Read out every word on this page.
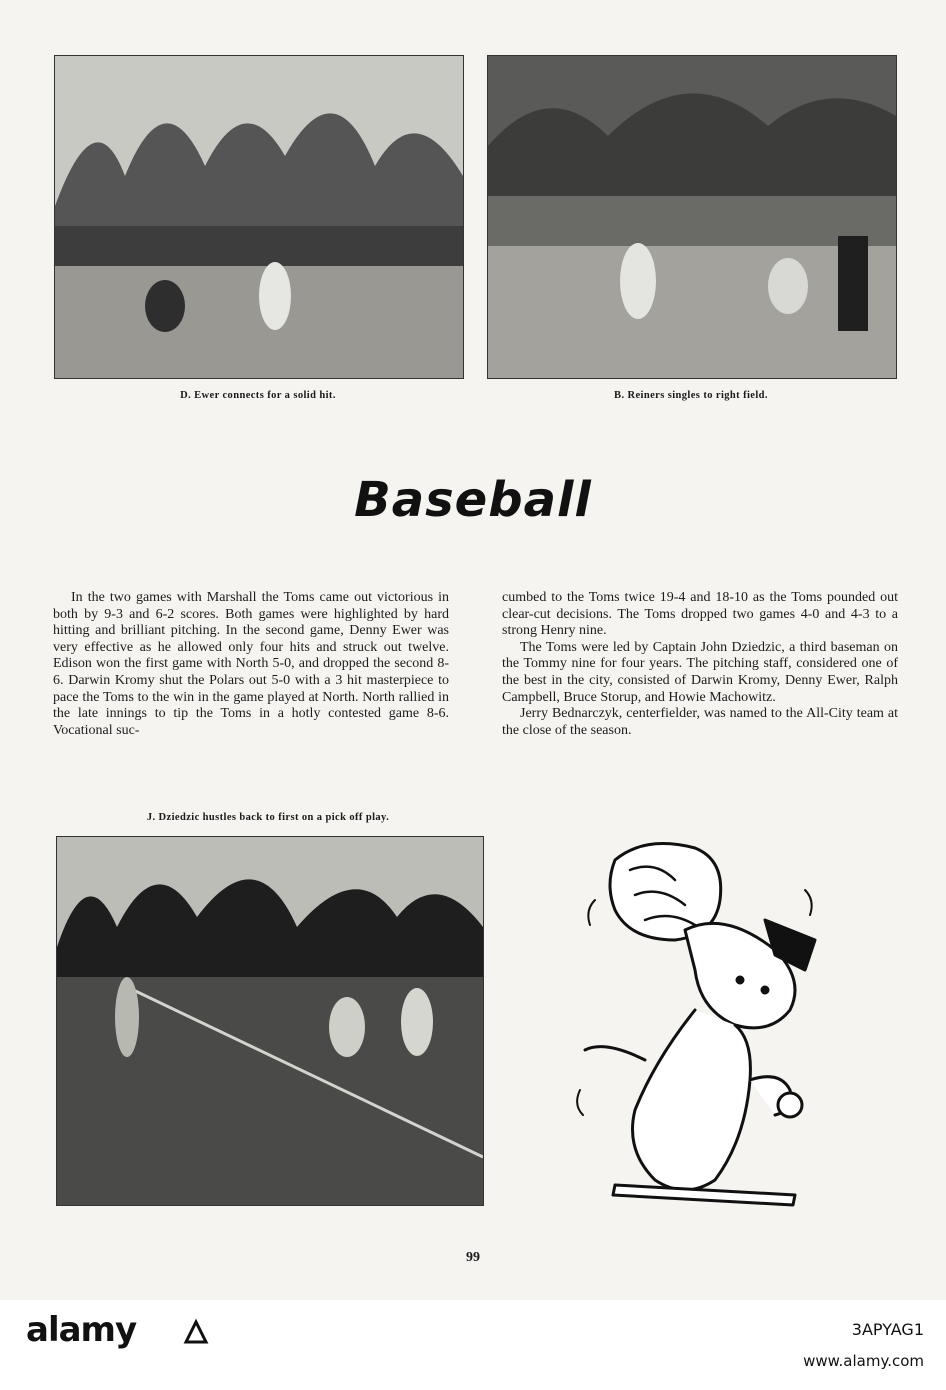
D. Ewer connects for a solid hit.	B. Reiners singles to right field.
Baseball

In the two games with Marshall the Toms came out victorious in both by 9-3 and 6-2 scores. Both games were highlighted by hard hitting and brilliant pitching. In the second game, Denny Ewer was very effective as he allowed only four hits and struck out twelve. Edison won the first game with North 5-0, and dropped the second 8-6. Darwin Kromy shut the Polars out 5-0 with a 3 hit masterpiece to pace the Toms to the win in the game played at North. North rallied in the late innings to tip the Toms in a hotly contested game 8-6. Vocational suc-

cumbed to the Toms twice 19-4 and 18-10 as the Toms pounded out clear-cut decisions. The Toms dropped two games 4-0 and 4-3 to a strong Henry nine.

The Toms were led by Captain John Dziedzic, a third baseman on the Tommy nine for four years. The pitching staff, considered one of the best in the city, consisted of Darwin Kromy, Denny Ewer, Ralph Campbell, Bruce Storup, and Howie Machowitz.

Jerry Bednarczyk, centerfielder, was named to the All-City team at the close of the season.

J. Dziedzic hustles back to first on a pick off play.
99
alamy	3APYAG1
www.alamy.com
